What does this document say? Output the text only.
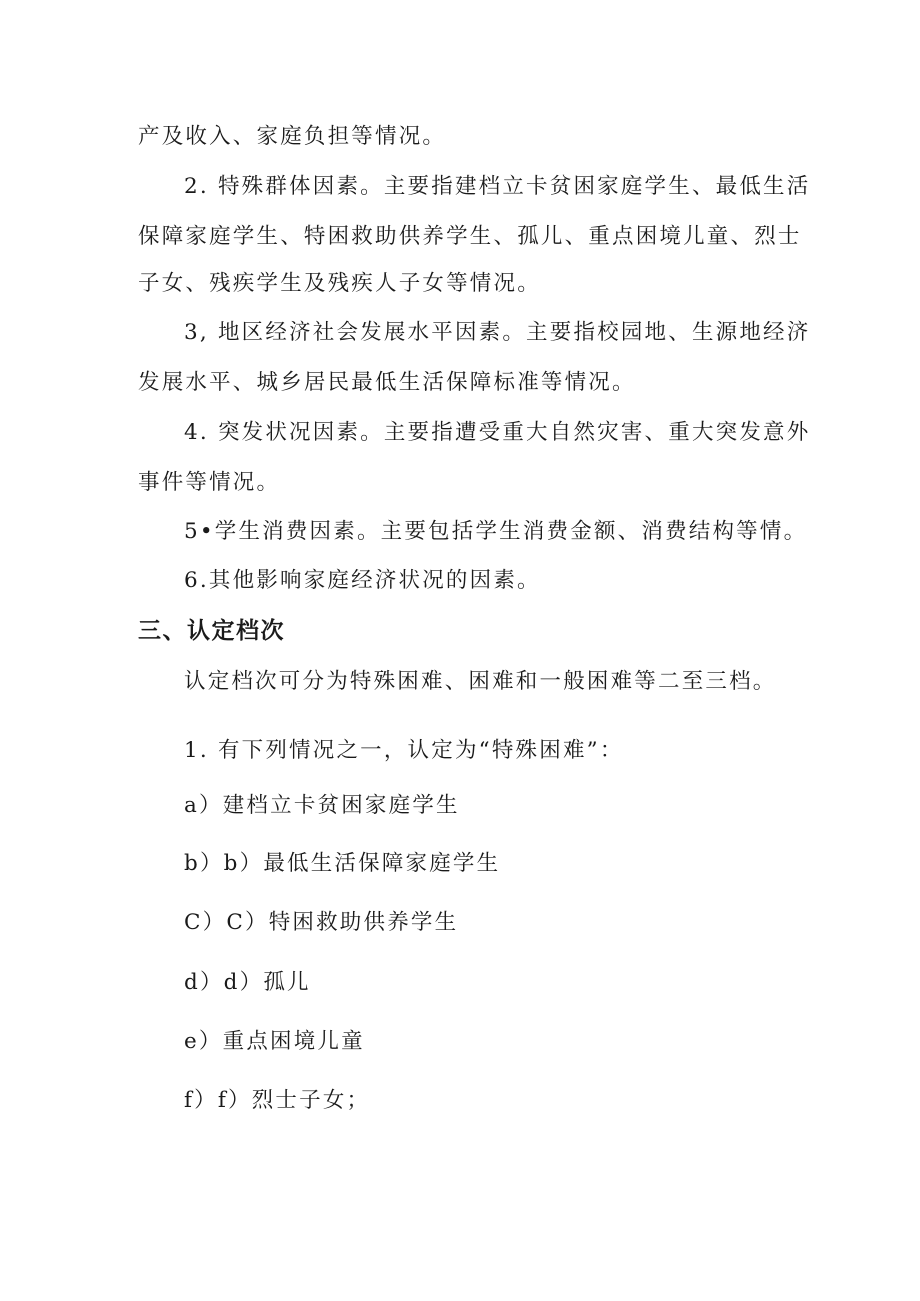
产及收入、家庭负担等情况。
2. 特殊群体因素。主要指建档立卡贫困家庭学生、最低生活
保障家庭学生、特困救助供养学生、孤儿、重点困境儿童、烈士
子女、残疾学生及残疾人子女等情况。
3, 地区经济社会发展水平因素。主要指校园地、生源地经济
发展水平、城乡居民最低生活保障标准等情况。
4. 突发状况因素。主要指遭受重大自然灾害、重大突发意外
事件等情况。
5•学生消费因素。主要包括学生消费金额、消费结构等情。
6.其他影响家庭经济状况的因素。
三、认定档次
认定档次可分为特殊困难、困难和一般困难等二至三档。
1. 有下列情况之一，认定为“特殊困难”：
a）建档立卡贫困家庭学生
b）b）最低生活保障家庭学生
C）C）特困救助供养学生
d）d）孤儿
e）重点困境儿童
f）f）烈士子女；
